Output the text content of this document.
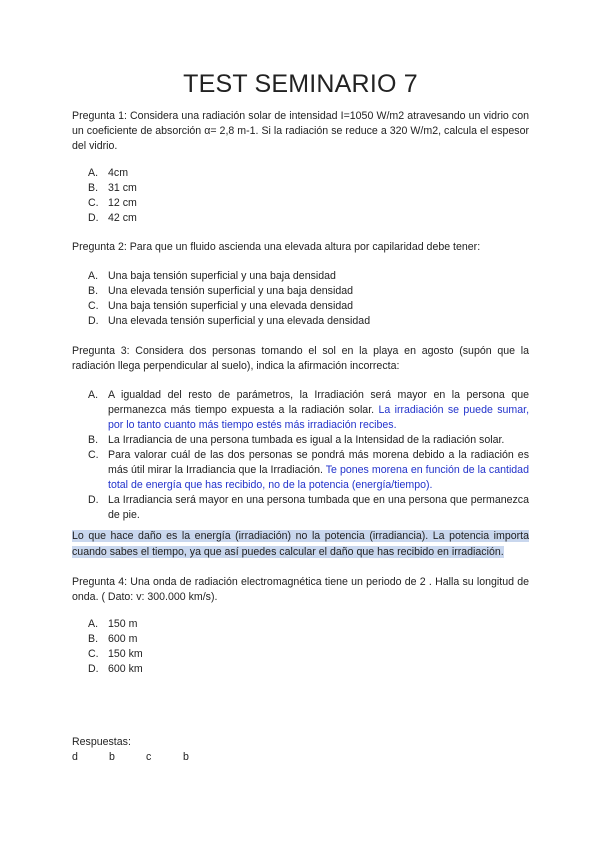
TEST SEMINARIO 7
Pregunta 1: Considera una radiación solar de intensidad I=1050 W/m2 atravesando un vidrio con un coeficiente de absorción α= 2,8 m-1. Si la radiación se reduce a 320 W/m2, calcula el espesor del vidrio.
A. 4cm
B. 31 cm
C. 12 cm
D. 42 cm
Pregunta 2: Para que un fluido ascienda una elevada altura por capilaridad debe tener:
A. Una baja tensión superficial y una baja densidad
B. Una elevada tensión superficial y una baja densidad
C. Una baja tensión superficial y una elevada densidad
D. Una elevada tensión superficial y una elevada densidad
Pregunta 3: Considera dos personas tomando el sol en la playa en agosto (supón que la radiación llega perpendicular al suelo), indica la afirmación incorrecta:
A. A igualdad del resto de parámetros, la Irradiación será mayor en la persona que permanezca más tiempo expuesta a la radiación solar. La irradiación se puede sumar, por lo tanto cuanto más tiempo estés más irradiación recibes.
B. La Irradiancia de una persona tumbada es igual a la Intensidad de la radiación solar.
C. Para valorar cuál de las dos personas se pondrá más morena debido a la radiación es más útil mirar la Irradiancia que la Irradiación. Te pones morena en función de la cantidad total de energía que has recibido, no de la potencia (energía/tiempo).
D. La Irradiancia será mayor en una persona tumbada que en una persona que permanezca de pie.
Lo que hace daño es la energía (irradiación) no la potencia (irradiancia). La potencia importa cuando sabes el tiempo, ya que así puedes calcular el daño que has recibido en irradiación.
Pregunta 4: Una onda de radiación electromagnética tiene un periodo de 2 . Halla su longitud de onda. ( Dato: v: 300.000 km/s).
A. 150 m
B. 600 m
C. 150 km
D. 600 km
Respuestas:
d	b	c	b
